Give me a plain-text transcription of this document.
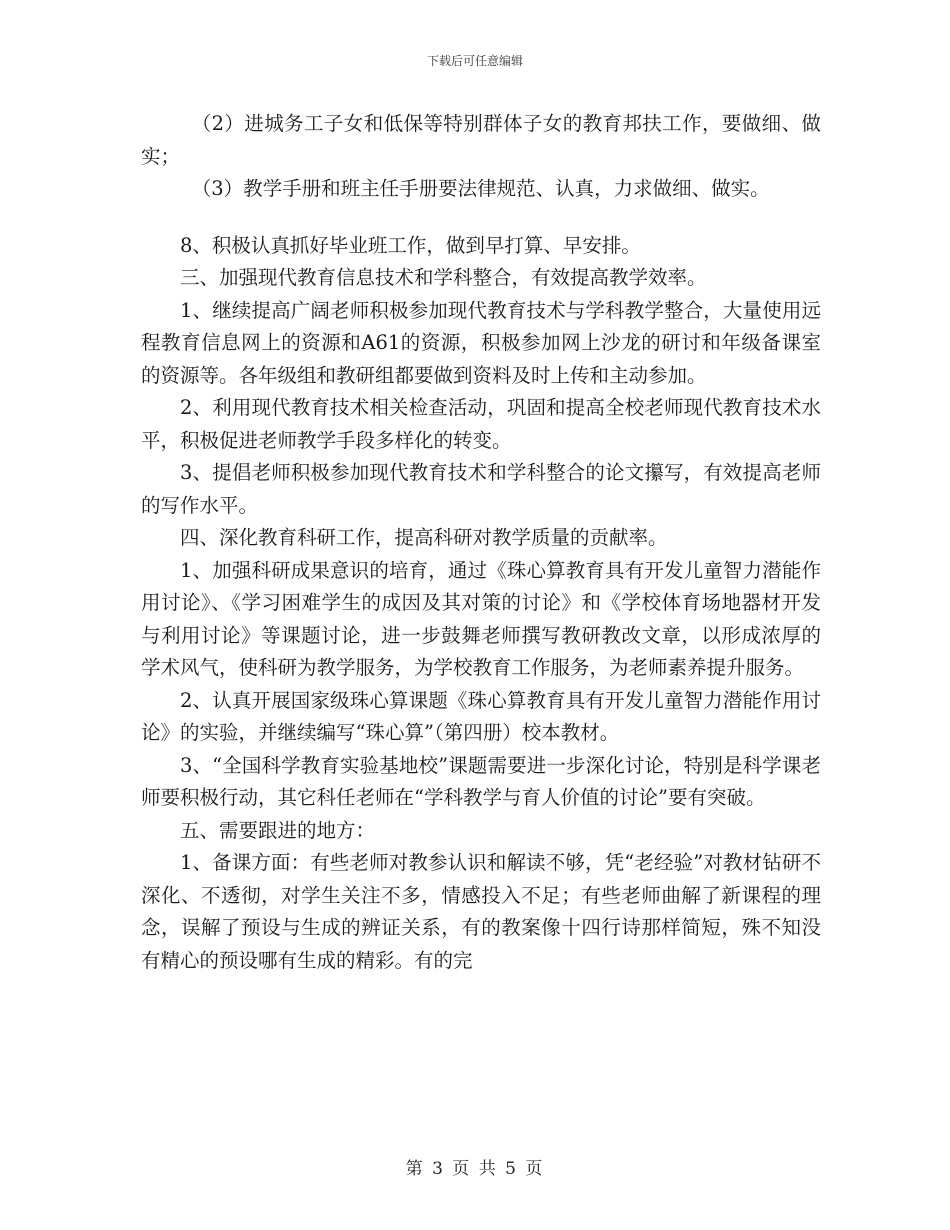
下载后可任意编辑

（2）进城务工子女和低保等特别群体子女的教育邦扶工作，要做细、做实；

（3）教学手册和班主任手册要法律规范、认真，力求做细、做实。

8、积极认真抓好毕业班工作，做到早打算、早安排。

三、加强现代教育信息技术和学科整合，有效提高教学效率。

1、继续提高广阔老师积极参加现代教育技术与学科教学整合，大量使用远程教育信息网上的资源和A61的资源，积极参加网上沙龙的研讨和年级备课室的资源等。各年级组和教研组都要做到资料及时上传和主动参加。

2、利用现代教育技术相关检查活动，巩固和提高全校老师现代教育技术水平，积极促进老师教学手段多样化的转变。

3、提倡老师积极参加现代教育技术和学科整合的论文攥写，有效提高老师的写作水平。

四、深化教育科研工作，提高科研对教学质量的贡献率。

1、加强科研成果意识的培育，通过《珠心算教育具有开发儿童智力潜能作用讨论》、《学习困难学生的成因及其对策的讨论》和《学校体育场地器材开发与利用讨论》等课题讨论，进一步鼓舞老师撰写教研教改文章，以形成浓厚的学术风气，使科研为教学服务，为学校教育工作服务，为老师素养提升服务。

2、认真开展国家级珠心算课题《珠心算教育具有开发儿童智力潜能作用讨论》的实验，并继续编写“珠心算”（第四册）校本教材。

3、“全国科学教育实验基地校”课题需要进一步深化讨论，特别是科学课老师要积极行动，其它科任老师在“学科教学与育人价值的讨论”要有突破。

五、需要跟进的地方：

1、备课方面：有些老师对教参认识和解读不够，凭“老经验”对教材钻研不深化、不透彻，对学生关注不多，情感投入不足；有些老师曲解了新课程的理念，误解了预设与生成的辨证关系，有的教案像十四行诗那样简短，殊不知没有精心的预设哪有生成的精彩。有的完

第 3 页 共 5 页
